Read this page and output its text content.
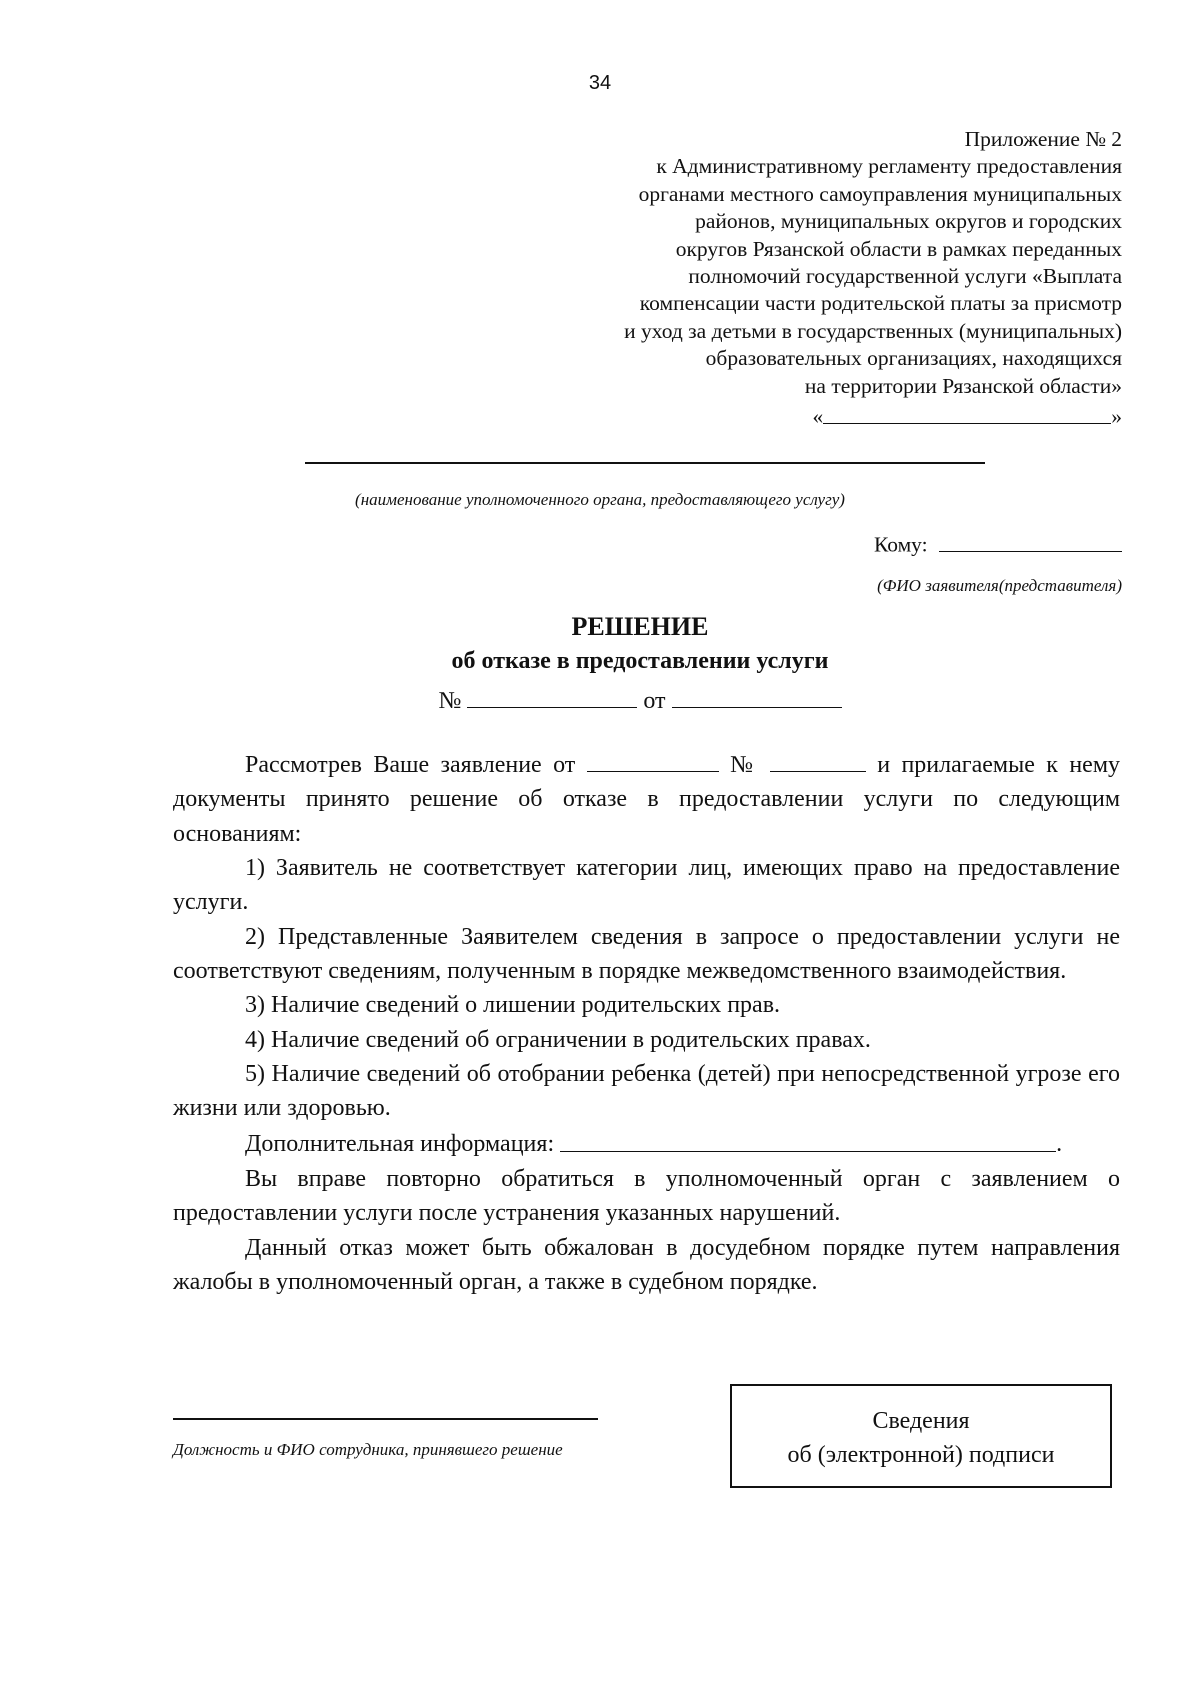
34
Приложение № 2
к Административному регламенту предоставления
органами местного самоуправления муниципальных
районов, муниципальных округов и городских
округов Рязанской области в рамках переданных
полномочий государственной услуги «Выплата
компенсации части родительской платы за присмотр
и уход за детьми в государственных (муниципальных)
образовательных организациях, находящихся
на территории Рязанской области»
«	»
(наименование уполномоченного органа, предоставляющего услугу)
Кому:
(ФИО заявителя(представителя)
РЕШЕНИЕ
об отказе в предоставлении услуги
№	от

Рассмотрев Ваше заявление от	№	и прилагаемые к нему документы принято решение об отказе в предоставлении услуги по следующим основаниям:

1) Заявитель не соответствует категории лиц, имеющих право на предоставление услуги.

2) Представленные Заявителем сведения в запросе о предоставлении услуги не соответствуют сведениям, полученным в порядке межведомственного взаимодействия.

3) Наличие сведений о лишении родительских прав.

4) Наличие сведений об ограничении в родительских правах.

5) Наличие сведений об отобрании ребенка (детей) при непосредственной угрозе его жизни или здоровью.

Дополнительная информация:	.

Вы вправе повторно обратиться в уполномоченный орган с заявлением о предоставлении услуги после устранения указанных нарушений.

Данный отказ может быть обжалован в досудебном порядке путем направления жалобы в уполномоченный орган, а также в судебном порядке.

Должность и ФИО сотрудника, принявшего решение
Сведения
об (электронной) подписи
